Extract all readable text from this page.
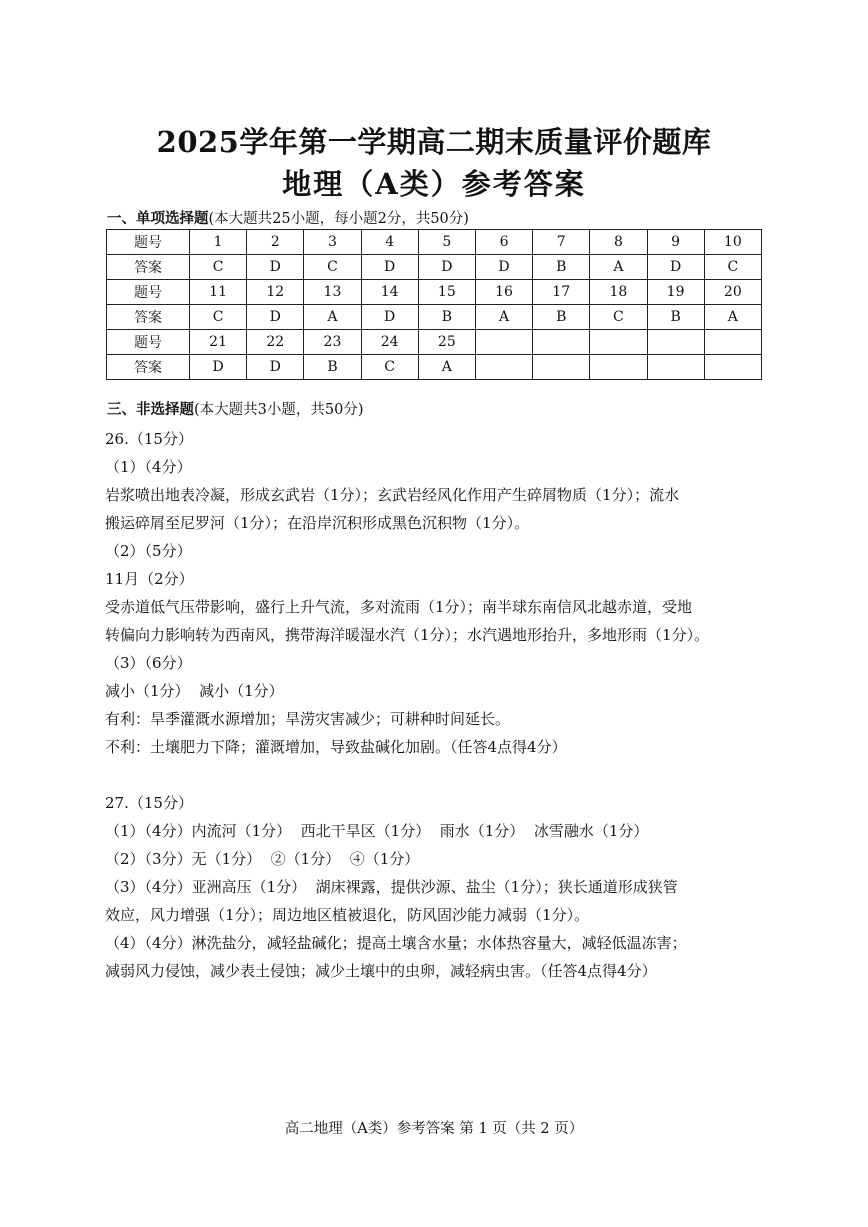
2025学年第一学期高二期末质量评价题库
地理（A类）参考答案
一、单项选择题(本大题共25小题，每小题2分，共50分)
题号	1	2	3	4	5	6	7	8	9	10
答案	C	D	C	D	D	D	B	A	D	C
题号	11	12	13	14	15	16	17	18	19	20
答案	C	D	A	D	B	A	B	C	B	A
题号	21	22	23	24	25					
答案	D	D	B	C	A					
三、非选择题(本大题共3小题，共50分)
26.（15分）
（1）（4分）
岩浆喷出地表冷凝，形成玄武岩（1分）；玄武岩经风化作用产生碎屑物质（1分）；流水
搬运碎屑至尼罗河（1分）；在沿岸沉积形成黑色沉积物（1分）。
（2）（5分）
11月（2分）
受赤道低气压带影响，盛行上升气流，多对流雨（1分）；南半球东南信风北越赤道，受地
转偏向力影响转为西南风，携带海洋暖湿水汽（1分）；水汽遇地形抬升，多地形雨（1分）。
（3）（6分）
减小（1分）  减小（1分）
有利：旱季灌溉水源增加；旱涝灾害减少；可耕种时间延长。
不利：土壤肥力下降；灌溉增加，导致盐碱化加剧。（任答4点得4分）
27.（15分）
（1）（4分）内流河（1分）  西北干旱区（1分）  雨水（1分）  冰雪融水（1分）
（2）（3分）无（1分）  ②（1分）  ④（1分）
（3）（4分）亚洲高压（1分）  湖床裸露，提供沙源、盐尘（1分）；狭长通道形成狭管
效应，风力增强（1分）；周边地区植被退化，防风固沙能力减弱（1分）。
（4）（4分）淋洗盐分，减轻盐碱化；提高土壤含水量；水体热容量大，减轻低温冻害；
减弱风力侵蚀，减少表土侵蚀；减少土壤中的虫卵，减轻病虫害。（任答4点得4分）
高二地理（A类）参考答案 第 1 页（共 2 页）
